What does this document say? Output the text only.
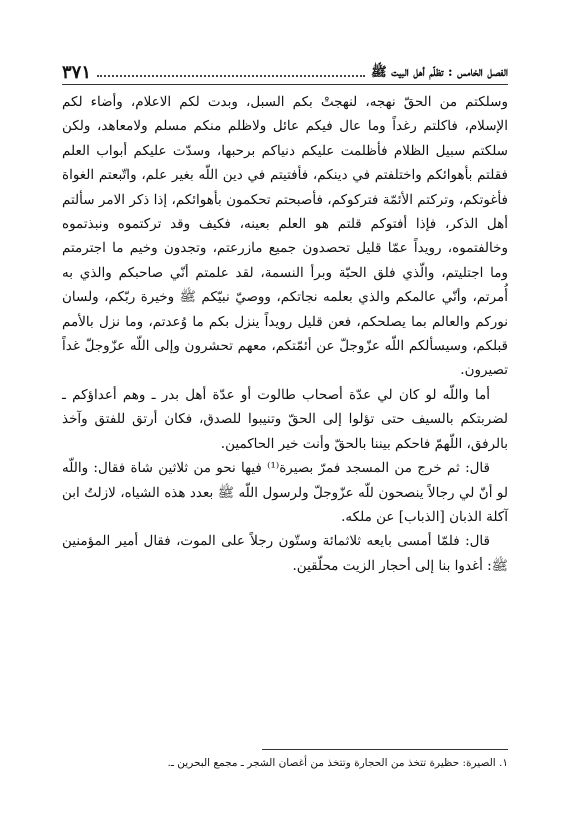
الفصل الخامس : تظلّم أهل البيت ﷺ
٣٧١

وسلكتم من الحقّ نهجه، لنهجتْ بكم السبل، وبدت لكم الاعلام، وأضاء لكم الإسلام، فاكلتم رغداً وما عال فيكم عائل ولاظلم منكم مسلم ولامعاهد، ولكن سلكتم سبيل الظلام فأظلمت عليكم دنياكم برحبها، وسدّت عليكم أبواب العلم فقلتم بأهوائكم واختلفتم في دينكم، فأفتيتم في دين اللّه بغير علم، واتّبعتم الغواة فأغوتكم، وتركتم الأئمّة فتركوكم، فأصبحتم تحكمون بأهوائكم، إذا ذكر الامر سألتم أهل الذكر، فإذا أفتوكم قلتم هو العلم بعينه، فكيف وقد تركتموه ونبذتموه وخالفتموه، رويداً عمّا قليل تحصدون جميع مازرعتم، وتجدون وخيم ما اجترمتم وما اجتليتم، والّذي فلق الحبّة وبرأ النسمة، لقد علمتم أنّي صاحبكم والذي به أُمرتم، وأنّي عالمكم والذي بعلمه نجاتكم، ووصيّ نبيّكم ﷺ وخيرة ربّكم، ولسان نوركم والعالم بما يصلحكم، فعن قليل رويداً ينزل بكم ما وُعدتم، وما نزل بالأمم قبلكم، وسيسألكم اللّه عزّوجلّ عن أئمّتكم، معهم تحشرون وإلى اللّه عزّوجلّ غداً تصيرون.

أما واللّه لو كان لي عدّة أصحاب طالوت أو عدّة أهل بدر ـ وهم أعداؤكم ـ لضربتكم بالسيف حتى تؤلوا إلى الحقّ وتنيبوا للصدق، فكان أرتق للفتق وآخذ بالرفق، اللّهمّ فاحكم بيننا بالحقّ وأنت خير الحاكمين.

قال: ثم خرج من المسجد فمرّ بصيرة⁽¹⁾ فيها نحو من ثلاثين شاة فقال: واللّه لو أنّ لي رجالاً ينصحون للّه عزّوجلّ ولرسول اللّه ﷺ بعدد هذه الشياه، لازلتُ ابن آكلة الذبان [الذباب] عن ملكه.

قال: فلمّا أمسى بايعه ثلاثمائة وستّون رجلاً على الموت، فقال أمير المؤمنين ﷺ: أغدوا بنا إلى أحجار الزيت محلّقين.

١. الصيرة: حظيرة تتخذ من الحجارة وتتخذ من أغصان الشجر ـ مجمع البحرين ـ.
